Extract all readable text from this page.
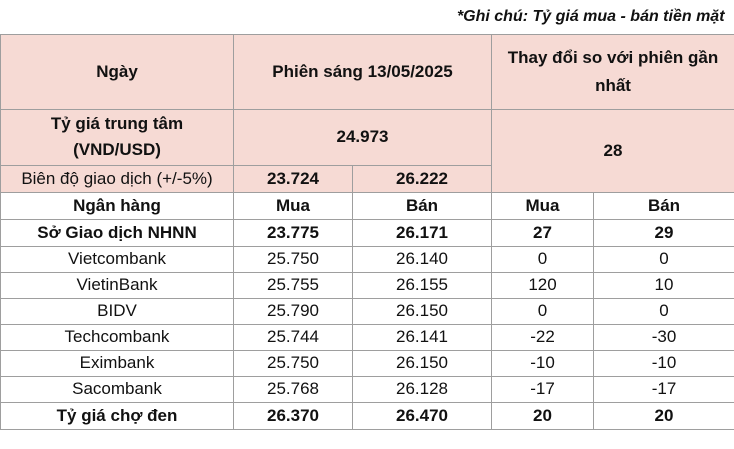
*Ghi chú: Tỷ giá mua - bán tiền mặt				
Ngày	Phiên sáng 13/05/2025		Thay đổi so với phiên gần nhất	
Tỷ giá trung tâm (VND/USD)	24.973		28	
Biên độ giao dịch (+/-5%)	23.724	26.222		
Ngân hàng	Mua	Bán	Mua	Bán
Sở Giao dịch NHNN	23.775	26.171	27	29
Vietcombank	25.750	26.140	0	0
VietinBank	25.755	26.155	120	10
BIDV	25.790	26.150	0	0
Techcombank	25.744	26.141	-22	-30
Eximbank	25.750	26.150	-10	-10
Sacombank	25.768	26.128	-17	-17
Tỷ giá chợ đen	26.370	26.470	20	20
